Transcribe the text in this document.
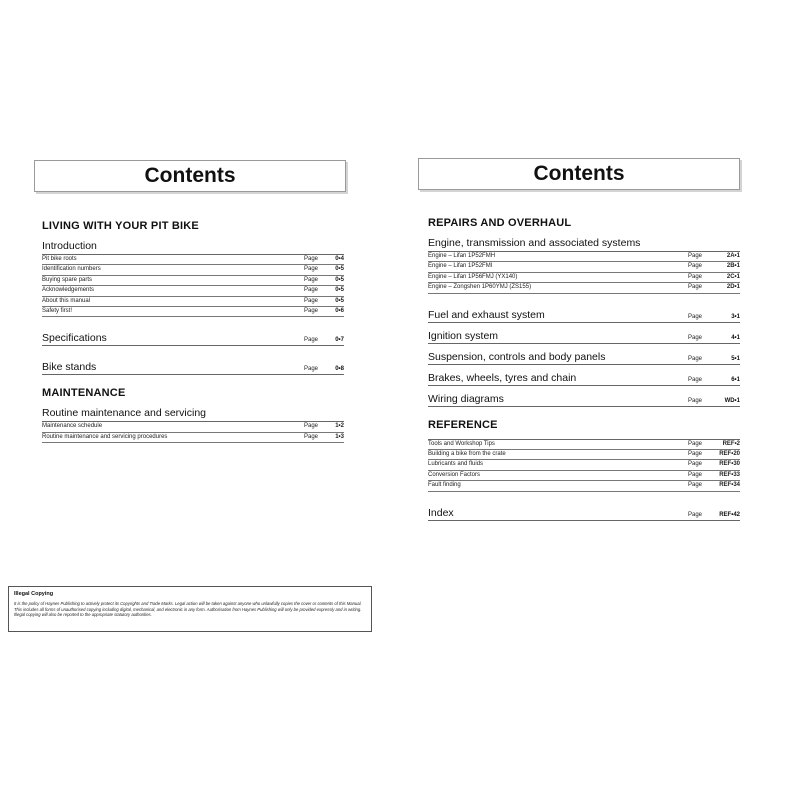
Contents
LIVING WITH YOUR PIT BIKE
Introduction
Pit bike roots	Page	0•4
Identification numbers	Page	0•5
Buying spare parts	Page	0•5
Acknowledgements	Page	0•5
About this manual	Page	0•5
Safety first!	Page	0•6
Specifications	Page	0•7
Bike stands	Page	0•8
MAINTENANCE
Routine maintenance and servicing
Maintenance schedule	Page	1•2
Routine maintenance and servicing procedures	Page	1•3
Illegal Copying
It is the policy of Haynes Publishing to actively protect its Copyrights and Trade Marks. Legal action will be taken against anyone who unlawfully copies the cover or contents of this Manual. This includes all forms of unauthorised copying including digital, mechanical, and electronic in any form. Authorisation from Haynes Publishing will only be provided expressly and in writing. Illegal copying will also be reported to the appropriate statutory authorities.
Contents
REPAIRS AND OVERHAUL
Engine, transmission and associated systems
Engine – Lifan 1P52FMH	Page	2A•1
Engine – Lifan 1P52FMI	Page	2B•1
Engine – Lifan 1P56FMJ (YX140)	Page	2C•1
Engine – Zongshen 1P60YMJ (ZS155)	Page	2D•1
Fuel and exhaust system	Page	3•1
Ignition system	Page	4•1
Suspension, controls and body panels	Page	5•1
Brakes, wheels, tyres and chain	Page	6•1
Wiring diagrams	Page	WD•1
REFERENCE
Tools and Workshop Tips	Page	REF•2
Building a bike from the crate	Page	REF•20
Lubricants and fluids	Page	REF•30
Conversion Factors	Page	REF•33
Fault finding	Page	REF•34
Index	Page	REF•42
